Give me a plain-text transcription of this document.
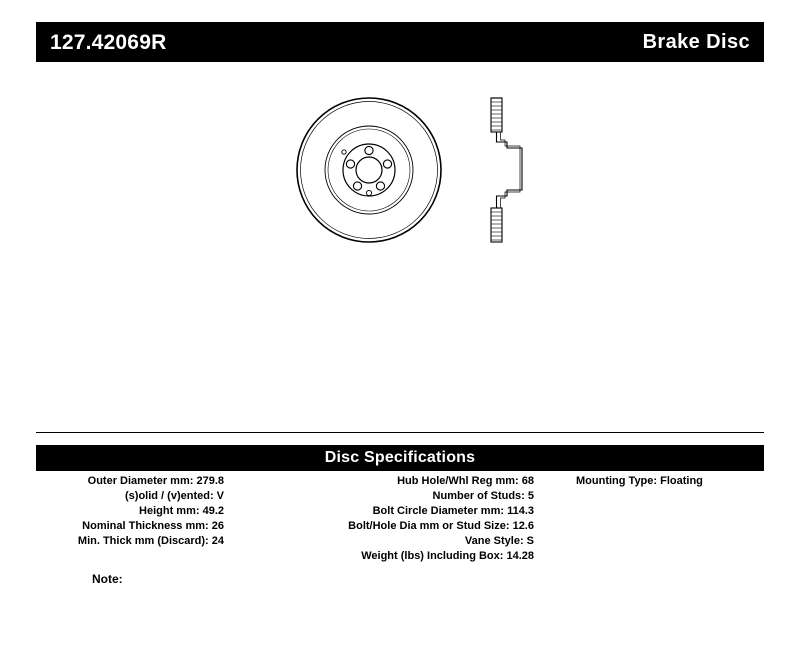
127.42069R	Brake Disc
Disc Specifications
Outer Diameter mm: 279.8
(s)olid / (v)ented: V
Height mm: 49.2
Nominal Thickness mm: 26
Min. Thick mm (Discard): 24
Hub Hole/Whl Reg mm: 68
Number of Studs: 5
Bolt Circle Diameter mm: 114.3
Bolt/Hole Dia mm or Stud Size: 12.6
Vane Style: S
Weight (lbs) Including Box: 14.28
Mounting Type: Floating
Note:
